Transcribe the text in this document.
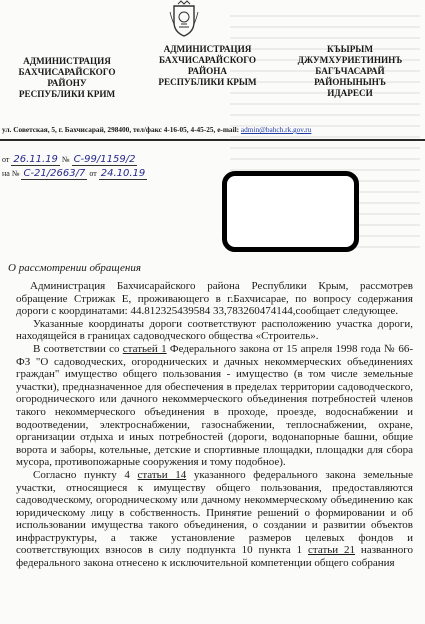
АДМИНИСТРАЦИЯ
БАХЧИСАРАЙСКОГО
РАЙОНУ
РЕСПУБЛИКИ КРИМ
АДМИНИСТРАЦИЯ
БАХЧИСАРАЙСКОГО
РАЙОНА
РЕСПУБЛИКИ КРЫМ
КЪЫРЫМ
ДЖУМХУРИЕТИНИНЪ
БАГЪЧАСАРАЙ
РАЙОНЫНЫНЪ
ИДАРЕСИ
ул. Советская, 5, г. Бахчисарай, 298400, тел/факс 4-16-05, 4-45-25, e-mail: admin@bahch.rk.gov.ru
от 26.11.19 № С-99/1159/2
на № С-21/2663/7 от 24.10.19
О рассмотрении обращения

Администрация Бахчисарайского района Республики Крым, рассмотрев обращение Стрижак Е, проживающего в г.Бахчисарае, по вопросу содержания дороги с координатами: 44.812325439584 33,783260474144,сообщает следующее.

Указанные координаты дороги соответствуют расположению участка дороги, находящейся в границах садоводческого общества «Строитель».

В соответствии со статьей 1 Федерального закона от 15 апреля 1998 года № 66-ФЗ "О садоводческих, огороднических и дачных некоммерческих объединениях граждан" имущество общего пользования - имущество (в том числе земельные участки), предназначенное для обеспечения в пределах территории садоводческого, огороднического или дачного некоммерческого объединения потребностей членов такого некоммерческого объединения в проходе, проезде, водоснабжении и водоотведении, электроснабжении, газоснабжении, теплоснабжении, охране, организации отдыха и иных потребностей (дороги, водонапорные башни, общие ворота и заборы, котельные, детские и спортивные площадки, площадки для сбора мусора, противопожарные сооружения и тому подобное).

Согласно пункту 4 статьи 14 указанного федерального закона земельные участки, относящиеся к имуществу общего пользования, предоставляются садоводческому, огородническому или дачному некоммерческому объединению как юридическому лицу в собственность. Принятие решений о формировании и об использовании имущества такого объединения, о создании и развитии объектов инфраструктуры, а также установление размеров целевых фондов и соответствующих взносов в силу подпункта 10 пункта 1 статьи 21 названного федерального закона отнесено к исключительной компетенции общего собрания
